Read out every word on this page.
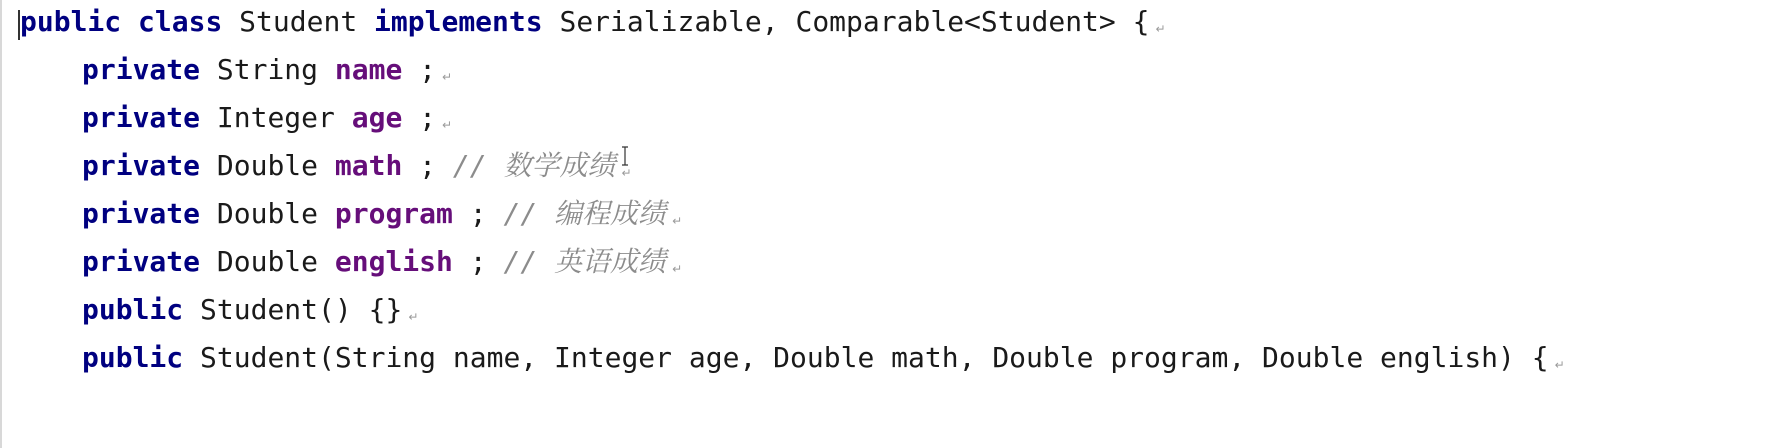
public class Student implements Serializable, Comparable<Student> { ↵
private String name ; ↵
private Integer age ; ↵
private Double math ; // 数学成绩 ↵
private Double program ; // 编程成绩 ↵
private Double english ; // 英语成绩 ↵
public Student() {} ↵
public Student(String name, Integer age, Double math, Double program, Double english) { ↵
